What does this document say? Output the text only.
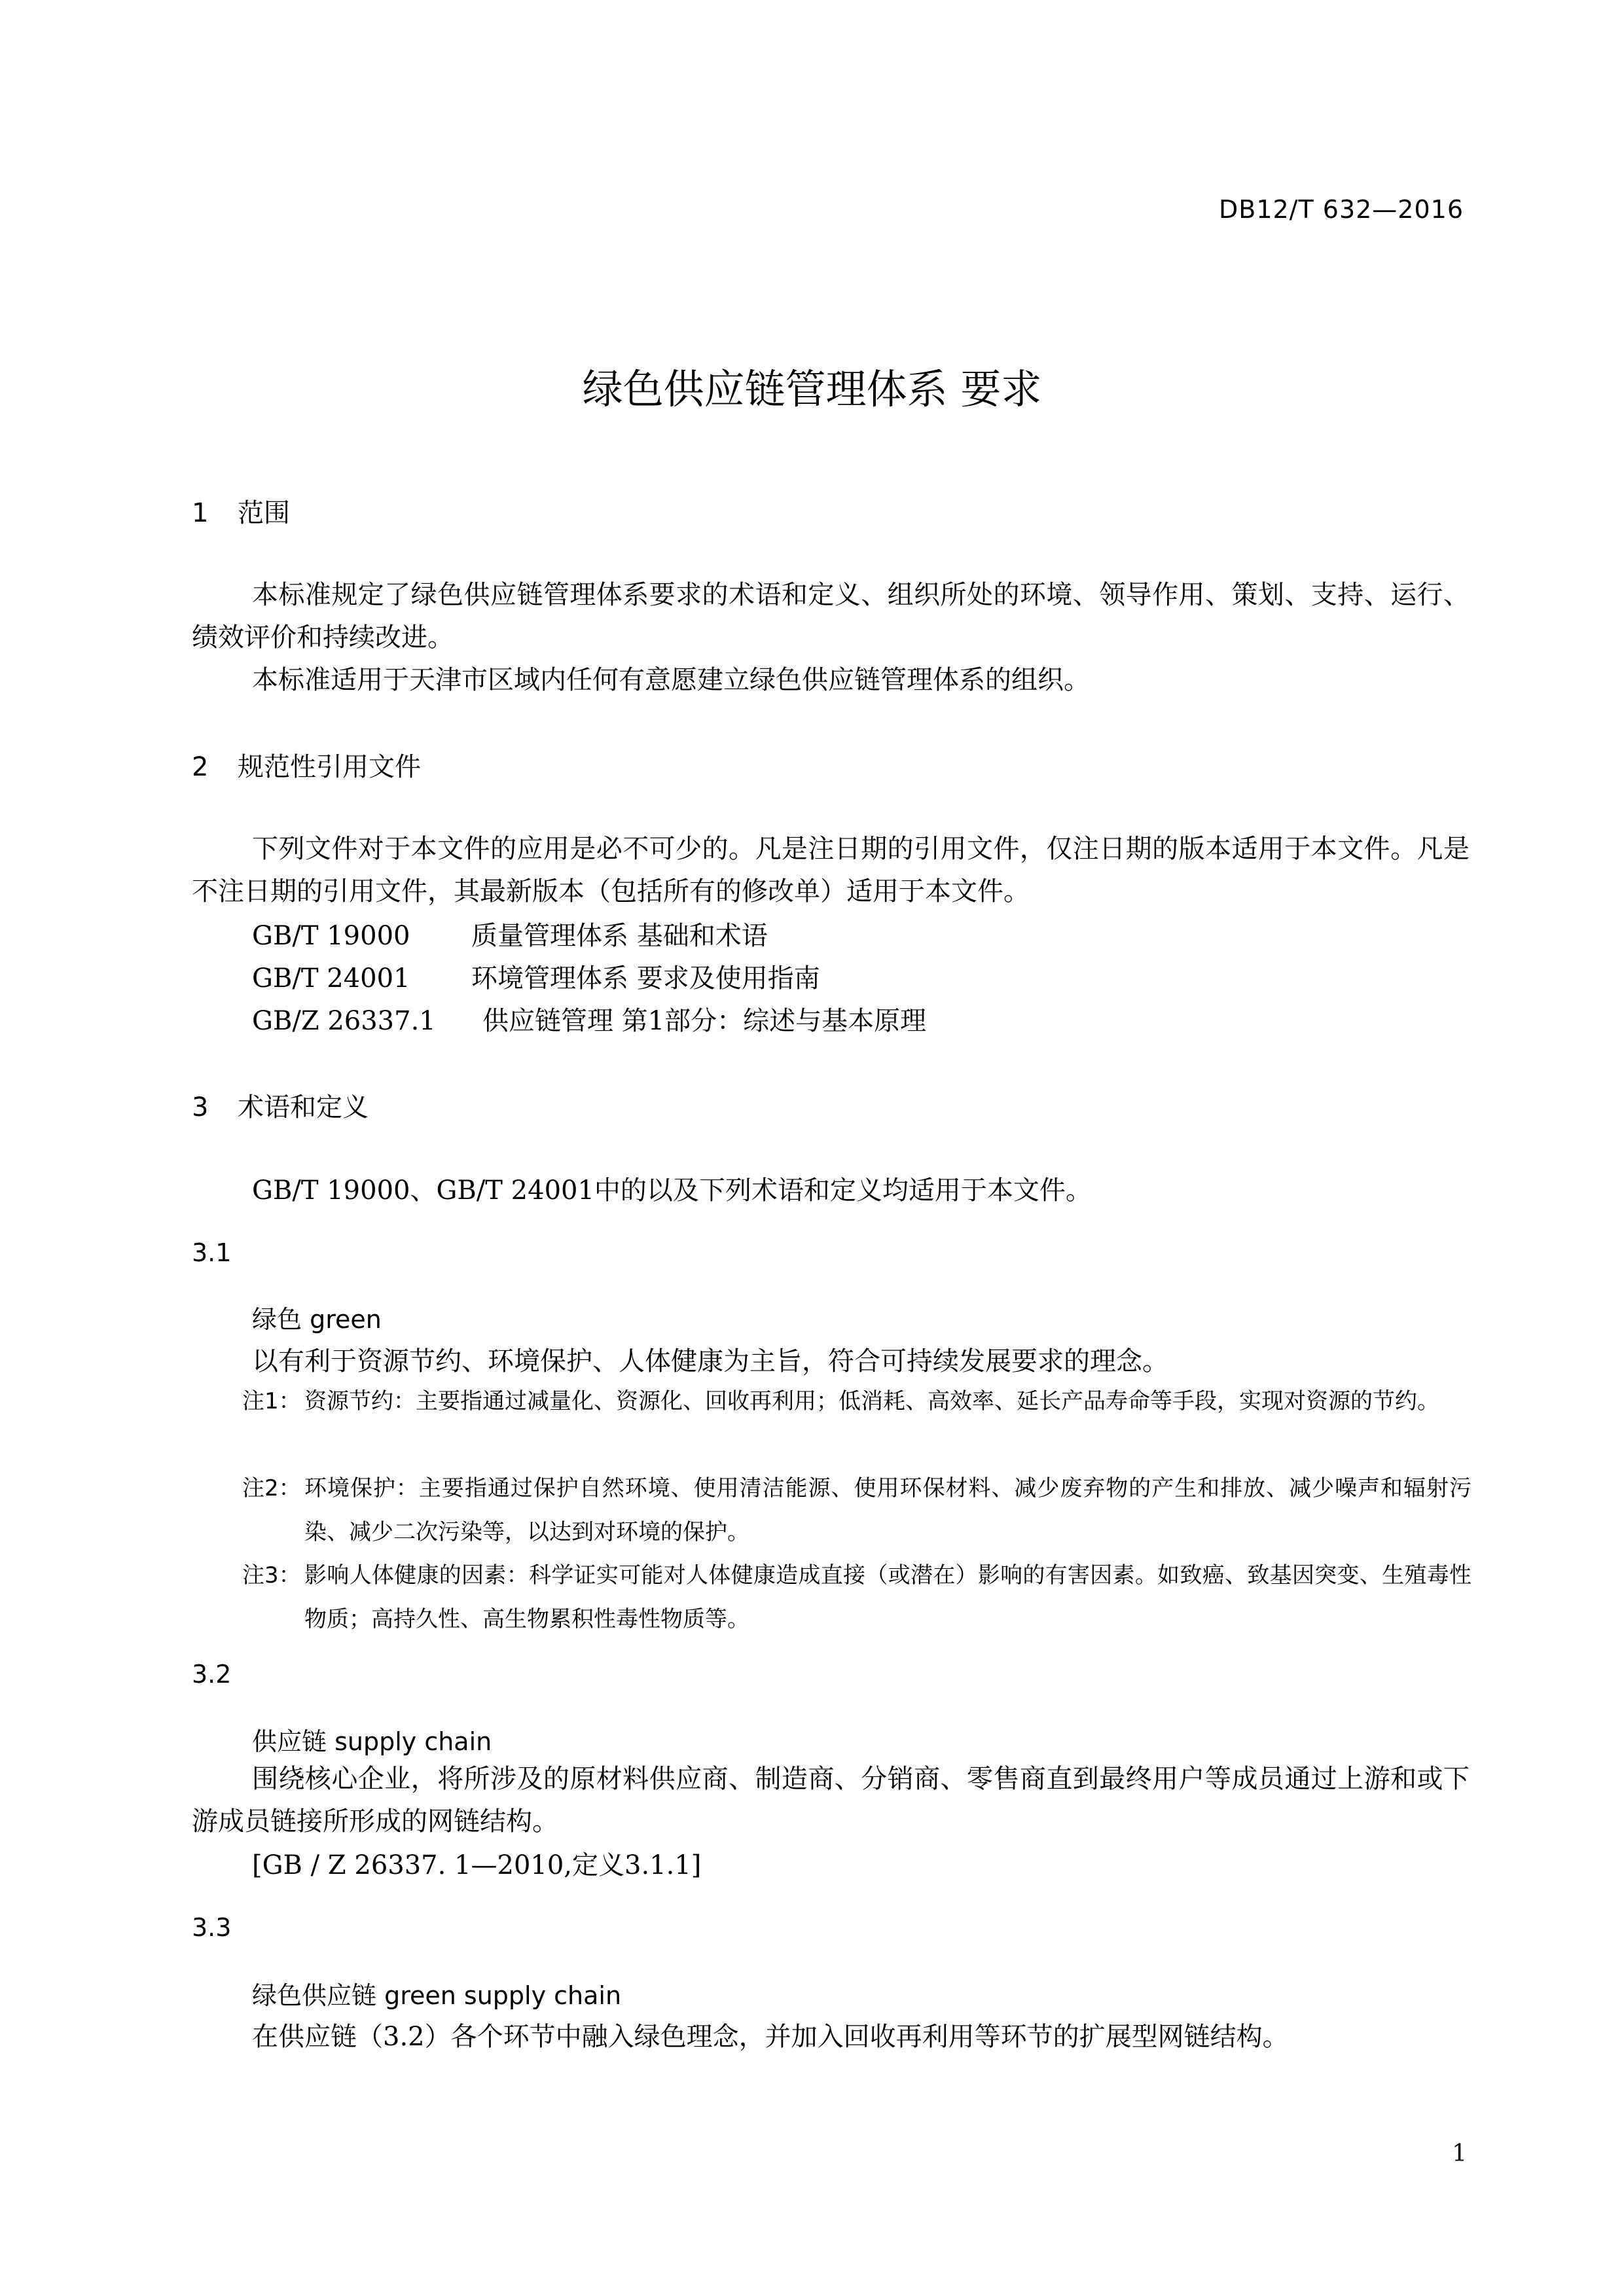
DB12/T 632—2016
绿色供应链管理体系 要求
1 范围

本标准规定了绿色供应链管理体系要求的术语和定义、组织所处的环境、领导作用、策划、支持、运行、绩效评价和持续改进。

本标准适用于天津市区域内任何有意愿建立绿色供应链管理体系的组织。

2 规范性引用文件

下列文件对于本文件的应用是必不可少的。凡是注日期的引用文件，仅注日期的版本适用于本文件。凡是不注日期的引用文件，其最新版本（包括所有的修改单）适用于本文件。

GB/T 19000 质量管理体系 基础和术语
GB/T 24001 环境管理体系 要求及使用指南
GB/Z 26337.1 供应链管理 第1部分：综述与基本原理
3 术语和定义
GB/T 19000、GB/T 24001中的以及下列术语和定义均适用于本文件。
3.1
绿色 green
以有利于资源节约、环境保护、人体健康为主旨，符合可持续发展要求的理念。
注1： 资源节约：主要指通过减量化、资源化、回收再利用；低消耗、高效率、延长产品寿命等手段，实现对资源的节约。
注2： 环境保护：主要指通过保护自然环境、使用清洁能源、使用环保材料、减少废弃物的产生和排放、减少噪声和辐射污染、减少二次污染等，以达到对环境的保护。
注3： 影响人体健康的因素：科学证实可能对人体健康造成直接（或潜在）影响的有害因素。如致癌、致基因突变、生殖毒性物质；高持久性、高生物累积性毒性物质等。
3.2
供应链 supply chain

围绕核心企业，将所涉及的原材料供应商、制造商、分销商、零售商直到最终用户等成员通过上游和或下游成员链接所形成的网链结构。

[GB / Z 26337. 1—2010,定义3.1.1]
3.3
绿色供应链 green supply chain
在供应链（3.2）各个环节中融入绿色理念，并加入回收再利用等环节的扩展型网链结构。
1
